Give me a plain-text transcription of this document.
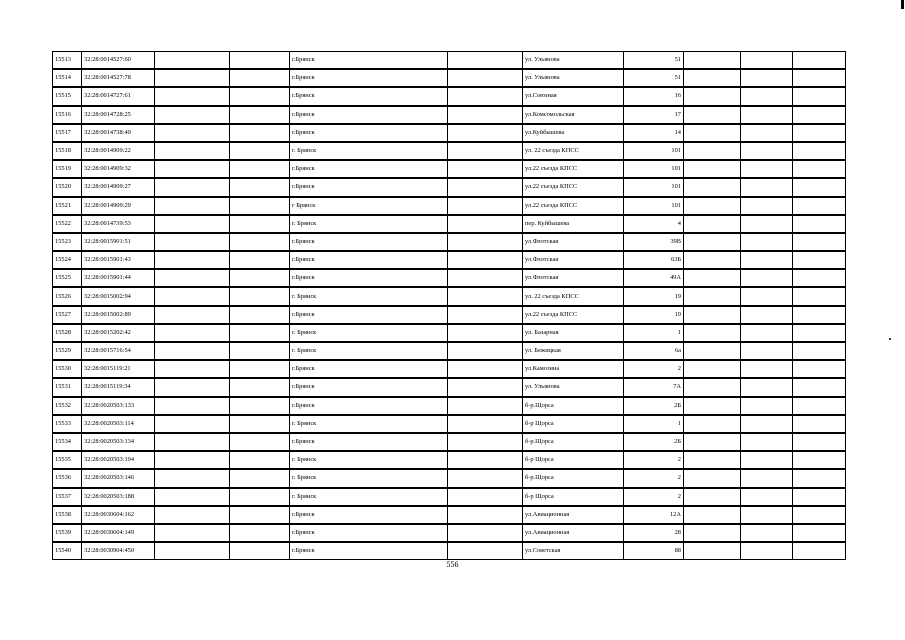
15513	32:28:0014527:60			г.Брянск		ул. Ульянова	51			
15514	32:28:0014527:78			г.Брянск		ул. Ульянова	51			
15515	32:28:0014727:61			г.Брянск		ул.Союзная	16			
15516	32:28:0014728:25			г.Брянск		ул.Комсомольская	17			
15517	32:28:0014738:49			г.Брянск		ул.Куйбышева	14			
15518	32:28:0014909:22			г. Брянск		ул. 22 съезда КПСС	101			
15519	32:28:0014909:32			г.Брянск		ул.22 съезда КПСС	101			
15520	32:28:0014909:27			г.Брянск		ул.22 съезда КПСС	101			
15521	32:28:0014909:29			г Брянск		ул.22 съезда КПСС	101			
15522	32:28:0014739:53			г. Брянск		пер. Куйбышева	4			
15523	32:28:0015901:51			г.Брянск		ул.Флотская	39В			
15524	32:28:0015901:43			г.Брянск		ул.Флотская	63Б			
15525	32:28:0015901:44			г.Брянск		ул.Флотская	49А			
15526	32:28:0015002:94			г. Брянск		ул. 22 съезда КПСС	19			
15527	32:28:0015002:89			г.Брянск		ул.22 съезда КПСС	19			
15528	32:28:0015202:42			г. Брянск		ул. Базарная	1			
15529	32:28:0015716:54			г. Брянск		ул. Бежицкая	6а			
15530	32:28:0015119:21			г.Брянск		ул.Камозина	2			
15531	32:28:0015119:34			г.Брянск		ул. Ульянова	7А			
15532	32:28:0020503:133			г.Брянск		б-р.Щорса	2Б			
15533	32:28:0020503:114			г. Брянск		б-р Щорса	1			
15534	32:28:0020503:134			г.Брянск		б-р.Щорса	2Б			
15535	32:28:0020503:194			г. Брянск		б-р Щорса	2			
15536	32:28:0020503:146			г. Брянск		б-р.Щорса	2			
15537	32:28:0020503:188			г. Брянск		б-р Щорса	2			
15538	32:28:0030604:162			г.Брянск		ул.Авиационная	12А			
15539	32:28:0030604:149			г.Брянск		ул.Авиационная	28			
15540	32:28:0030904:450			г.Брянск		ул.Советская	88			
556
